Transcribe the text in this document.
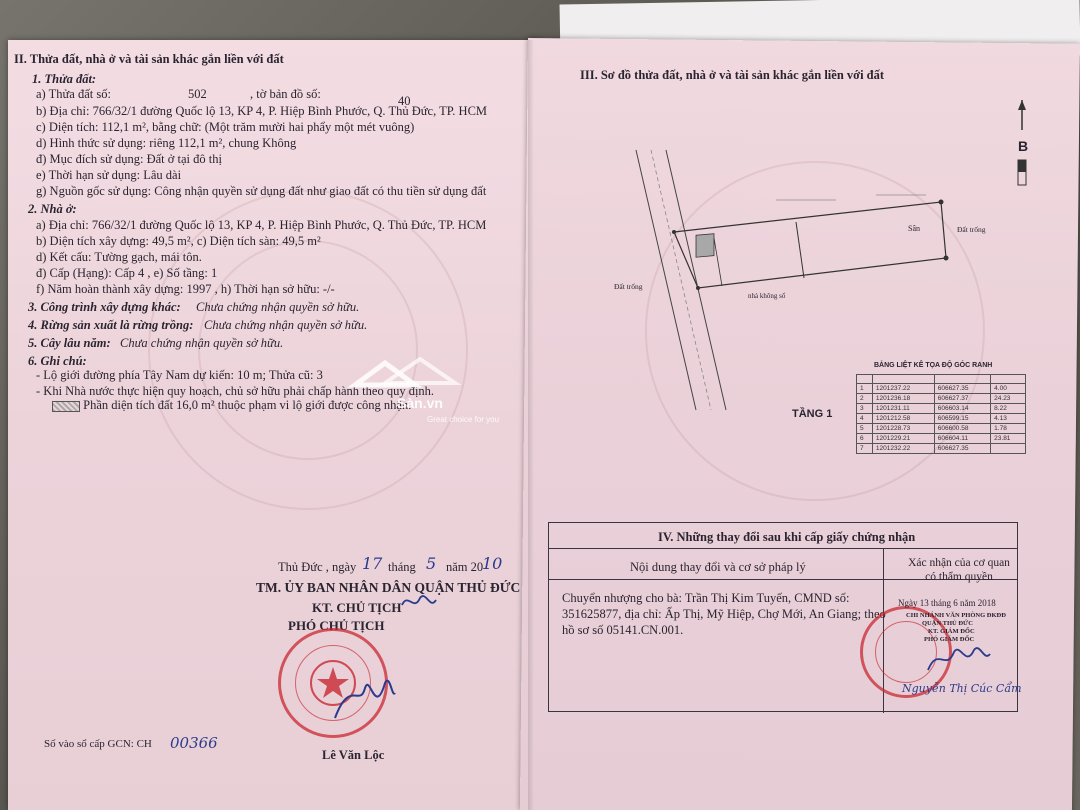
II. Thửa đất, nhà ở và tài sản khác gắn liền với đất
1. Thửa đất:
a) Thửa đất số:	502	, tờ bản đồ số:	40
b) Địa chỉ: 766/32/1 đường Quốc lộ 13, KP 4, P. Hiệp Bình Phước, Q. Thủ Đức, TP. HCM
c) Diện tích: 112,1 m², bằng chữ: (Một trăm mười hai phẩy một mét vuông)
d) Hình thức sử dụng: riêng 112,1 m², chung Không
đ) Mục đích sử dụng: Đất ở tại đô thị
e) Thời hạn sử dụng: Lâu dài
g) Nguồn gốc sử dụng: Công nhận quyền sử dụng đất như giao đất có thu tiền sử dụng đất
2. Nhà ở:
a) Địa chỉ: 766/32/1 đường Quốc lộ 13, KP 4, P. Hiệp Bình Phước, Q. Thủ Đức, TP. HCM
b) Diện tích xây dựng: 49,5 m², c) Diện tích sàn: 49,5 m²
d) Kết cấu: Tường gạch, mái tôn.
đ) Cấp (Hạng): Cấp 4 , e) Số tầng: 1
f) Năm hoàn thành xây dựng: 1997 , h) Thời hạn sở hữu: -/-
3. Công trình xây dựng khác: Chưa chứng nhận quyền sở hữu.
4. Rừng sản xuất là rừng trồng: Chưa chứng nhận quyền sở hữu.
5. Cây lâu năm: Chưa chứng nhận quyền sở hữu.
6. Ghi chú:
- Lộ giới đường phía Tây Nam dự kiến: 10 m; Thửa cũ: 3
- Khi Nhà nước thực hiện quy hoạch, chủ sở hữu phải chấp hành theo quy định.
Phần diện tích đất 16,0 m² thuộc phạm vi lộ giới được công nhận.
Sàn.vn
Great choice for you
Thủ Đức , ngày 17 tháng 5 năm 20
10
TM. ỦY BAN NHÂN DÂN QUẬN THỦ ĐỨC
KT. CHỦ TỊCH
PHÓ CHỦ TỊCH
Lê Văn Lộc
Số vào sổ cấp GCN: CH 00366
III. Sơ đồ thửa đất, nhà ở và tài sản khác gắn liền với đất
B
Sân	Đất trống
Đất trống
nhà không số
TẦNG 1
BẢNG LIỆT KÊ TỌA ĐỘ GÓC RANH

1	1201237.22	606627.35	4.00
2	1201236.18	606627.37	24.23
3	1201231.11	606603.14	8.22
4	1201212.58	606599.15	4.13
5	1201228.73	606600.58	1.78
6	1201229.21	606604.11	23.81
7	1201232.22	606627.35	
IV. Những thay đổi sau khi cấp giấy chứng nhận
Nội dung thay đổi và cơ sở pháp lý	Xác nhận của cơ quan có thẩm quyền
Chuyển nhượng cho bà: Trần Thị Kim Tuyến, CMND số: 351625877, địa chỉ: Ấp Thị, Mỹ Hiệp, Chợ Mới, An Giang; theo hồ sơ số 05141.CN.001.
Ngày 13 tháng 6 năm 2018
CHI NHÁNH VĂN PHÒNG ĐKĐĐ
QUẬN THỦ ĐỨC
KT. GIÁM ĐỐC
PHÓ GIÁM ĐỐC
Nguyễn Thị Cúc Cẩm
